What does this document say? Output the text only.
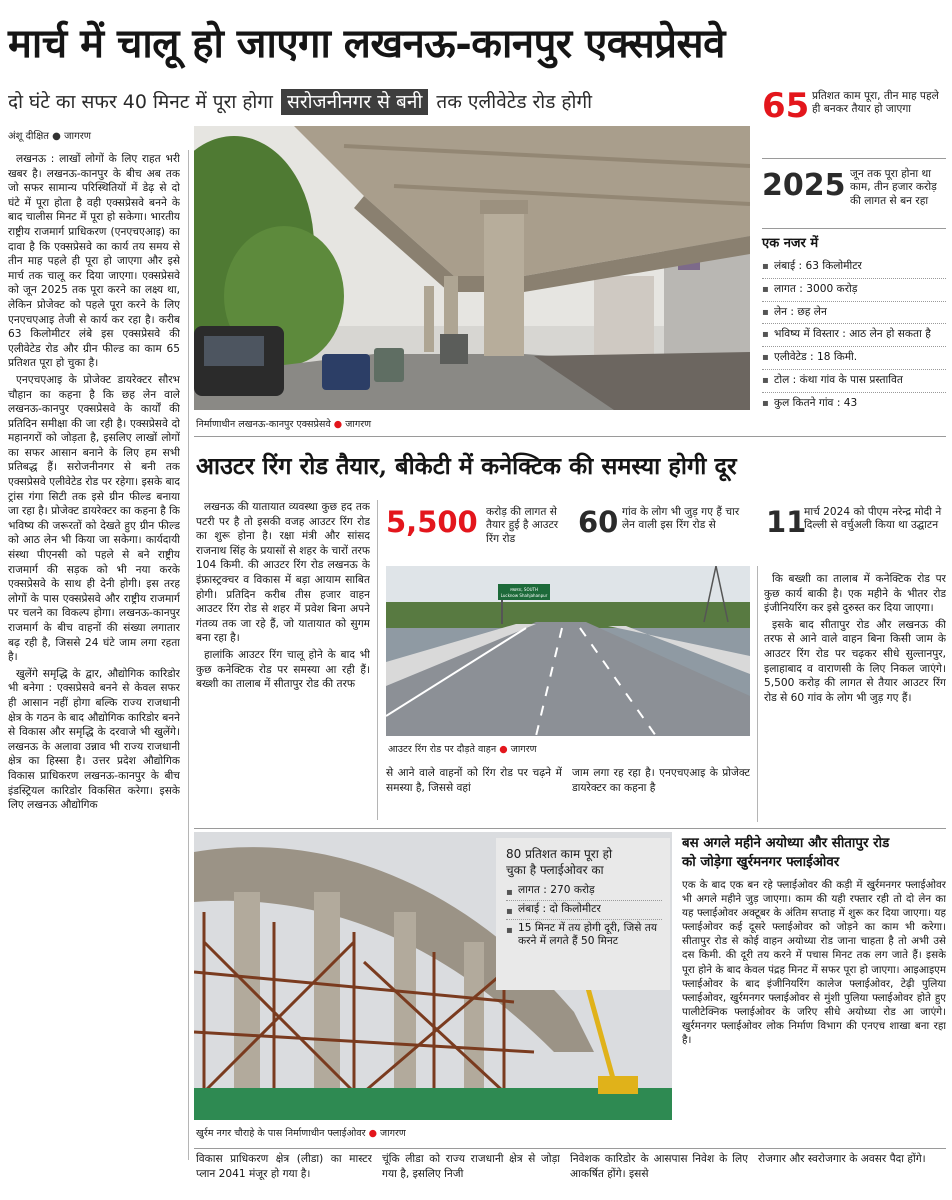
मार्च में चालू हो जाएगा लखनऊ-कानपुर एक्सप्रेसवे
दो घंटे का सफर 40 मिनट में पूरा होगा सरोजनीनगर से बनी तक एलीवेटेड रोड होगी
अंशू दीक्षित ● जागरण

लखनऊ : लाखों लोगों के लिए राहत भरी खबर है। लखनऊ-कानपुर के बीच अब तक जो सफर सामान्य परिस्थितियों में डेढ़ से दो घंटे में पूरा होता है वही एक्सप्रेसवे बनने के बाद चालीस मिनट में पूरा हो सकेगा। भारतीय राष्ट्रीय राजमार्ग प्राधिकरण (एनएचएआइ) का दावा है कि एक्सप्रेसवे का कार्य तय समय से तीन माह पहले ही पूरा हो जाएगा और इसे मार्च तक चालू कर दिया जाएगा। एक्सप्रेसवे को जून 2025 तक पूरा करने का लक्ष्य था, लेकिन प्रोजेक्ट को पहले पूरा करने के लिए एनएचएआइ तेजी से कार्य कर रहा है। करीब 63 किलोमीटर लंबे इस एक्सप्रेसवे की एलीवेटेड रोड और ग्रीन फील्ड का काम 65 प्रतिशत पूरा हो चुका है।

एनएचएआइ के प्रोजेक्ट डायरेक्टर सौरभ चौहान का कहना है कि छह लेन वाले लखनऊ-कानपुर एक्सप्रेसवे के कार्यों की प्रतिदिन समीक्षा की जा रही है। एक्सप्रेसवे दो महानगरों को जोड़ता है, इसलिए लाखों लोगों का सफर आसान बनाने के लिए हम सभी प्रतिबद्ध हैं। सरोजनीनगर से बनी तक एक्सप्रेसवे एलीवेटेड रोड पर रहेगा। इसके बाद ट्रांस गंगा सिटी तक इसे ग्रीन फील्ड बनाया जा रहा है। प्रोजेक्ट डायरेक्टर का कहना है कि भविष्य की जरूरतों को देखते हुए ग्रीन फील्ड को आठ लेन भी किया जा सकेगा। कार्यदायी संस्था पीएनसी को पहले से बने राष्ट्रीय राजमार्ग की सड़क को भी नया करके एक्सप्रेसवे के साथ ही देनी होगी। इस तरह लोगों के पास एक्सप्रेसवे और राष्ट्रीय राजमार्ग पर चलने का विकल्प होगा। लखनऊ-कानपुर राजमार्ग के बीच वाहनों की संख्या लगातार बढ़ रही है, जिससे 24 घंटे जाम लगा रहता है।

खुलेंगे समृद्धि के द्वार, औद्योगिक कारिडोर भी बनेगा : एक्सप्रेसवे बनने से केवल सफर ही आसान नहीं होगा बल्कि राज्य राजधानी क्षेत्र के गठन के बाद औद्योगिक कारिडोर बनने से विकास और समृद्धि के दरवाजे भी खुलेंगे। लखनऊ के अलावा उन्नाव भी राज्य राजधानी क्षेत्र का हिस्सा है। उत्तर प्रदेश औद्योगिक विकास प्राधिकरण लखनऊ-कानपुर के बीच इंडस्ट्रियल कारिडोर विकसित करेगा। इसके लिए लखनऊ औद्योगिक

निर्माणाधीन लखनऊ-कानपुर एक्सप्रेसवे ● जागरण
65 प्रतिशत काम पूरा, तीन माह पहले ही बनकर तैयार हो जाएगा
2025 जून तक पूरा होना था काम, तीन हजार करोड़ की लागत से बन रहा
एक नजर में
▪ लंबाई : 63 किलोमीटर
▪ लागत : 3000 करोड़
▪ लेन : छह लेन
▪ भविष्य में विस्तार : आठ लेन हो सकता है
▪ एलीवेटेड : 18 किमी.
▪ टोल : कंथा गांव के पास प्रस्तावित
▪ कुल कितने गांव : 43
आउटर रिंग रोड तैयार, बीकेटी में कनेक्टिक की समस्या होगी दूर

लखनऊ की यातायात व्यवस्था कुछ हद तक पटरी पर है तो इसकी वजह आउटर रिंग रोड का शुरू होना है। रक्षा मंत्री और सांसद राजनाथ सिंह के प्रयासों से शहर के चारों तरफ 104 किमी. की आउटर रिंग रोड लखनऊ के इंफ्रास्ट्रक्चर व विकास में बड़ा आयाम साबित होगी। प्रतिदिन करीब तीस हजार वाहन आउटर रिंग रोड से शहर में प्रवेश बिना अपने गंतव्य तक जा रहे हैं, जो यातायात को सुगम बना रहा है।

हालांकि आउटर रिंग चालू होने के बाद भी कुछ कनेक्टिक रोड पर समस्या आ रही हैं। बख्शी का तालाब में सीतापुर रोड की तरफ

5,500 करोड़ की लागत से तैयार हुई है आउटर रिंग रोड	60 गांव के लोग भी जुड़ गए हैं चार लेन वाली इस रिंग रोड से	11
मार्च 2024 को पीएम नरेन्द्र मोदी ने दिल्ली से वर्चुअली किया था उद्घाटन
लखनऊ, SOUTH
Lucknow Shahjahanpur
आउटर रिंग रोड पर दौड़ते वाहन ● जागरण
से आने वाले वाहनों को रिंग रोड पर चढ़ने में समस्या है, जिससे वहां
जाम लगा रह रहा है। एनएचएआइ के प्रोजेक्ट डायरेक्टर का कहना है

कि बख्शी का तालाब में कनेक्टिक रोड पर कुछ कार्य बाकी है। एक महीने के भीतर रोड इंजीनियरिंग कर इसे दुरुस्त कर दिया जाएगा।

इसके बाद सीतापुर रोड और लखनऊ की तरफ से आने वाले वाहन बिना किसी जाम के आउटर रिंग रोड पर चढ़कर सीधे सुल्तानपुर, इलाहाबाद व वाराणसी के लिए निकल जाएंगे। 5,500 करोड़ की लागत से तैयार आउटर रिंग रोड से 60 गांव के लोग भी जुड़ गए हैं।

80 प्रतिशत काम पूरा हो
चुका है फ्लाईओवर का
▪ लागत : 270 करोड़
▪ लंबाई : दो किलोमीटर
▪ 15 मिनट में तय होगी दूरी, जिसे तय करने में लगते हैं 50 मिनट
खुर्रम नगर चौराहे के पास निर्माणाधीन फ्लाईओवर ● जागरण
बस अगले महीने अयोध्या और सीतापुर रोड
को जोड़ेगा खुर्रमनगर फ्लाईओवर
एक के बाद एक बन रहे फ्लाईओवर की कड़ी में खुर्रमनगर फ्लाईओवर भी अगले महीने जुड़ जाएगा। काम की यही रफ्तार रही तो दो लेन का यह फ्लाईओवर अक्टूबर के अंतिम सप्ताह में शुरू कर दिया जाएगा। यह फ्लाईओवर कई दूसरे फ्लाईओवर को जोड़ने का काम भी करेगा। सीतापुर रोड से कोई वाहन अयोध्या रोड जाना चाहता है तो अभी उसे दस किमी. की दूरी तय करने में पचास मिनट तक लग जाते हैं। इसके पूरा होने के बाद केवल पंद्रह मिनट में सफर पूरा हो जाएगा। आइआइएम फ्लाईओवर के बाद इंजीनियरिंग कालेज फ्लाईओवर, टेढ़ी पुलिया फ्लाईओवर, खुर्रमनगर फ्लाईओवर से मुंशी पुलिया फ्लाईओवर होते हुए पालीटेक्निक फ्लाईओवर के जरिए सीधे अयोध्या रोड आ जाएंगे। खुर्रमनगर फ्लाईओवर लोक निर्माण विभाग की एनएच शाखा बना रहा है।
विकास प्राधिकरण क्षेत्र (लीडा) का मास्टर प्लान 2041 मंजूर हो गया है।
चूंकि लीडा को राज्य राजधानी क्षेत्र से जोड़ा गया है, इसलिए निजी
निवेशक कारिडोर के आसपास निवेश के लिए आकर्षित होंगे। इससे
रोजगार और स्वरोजगार के अवसर पैदा होंगे।
